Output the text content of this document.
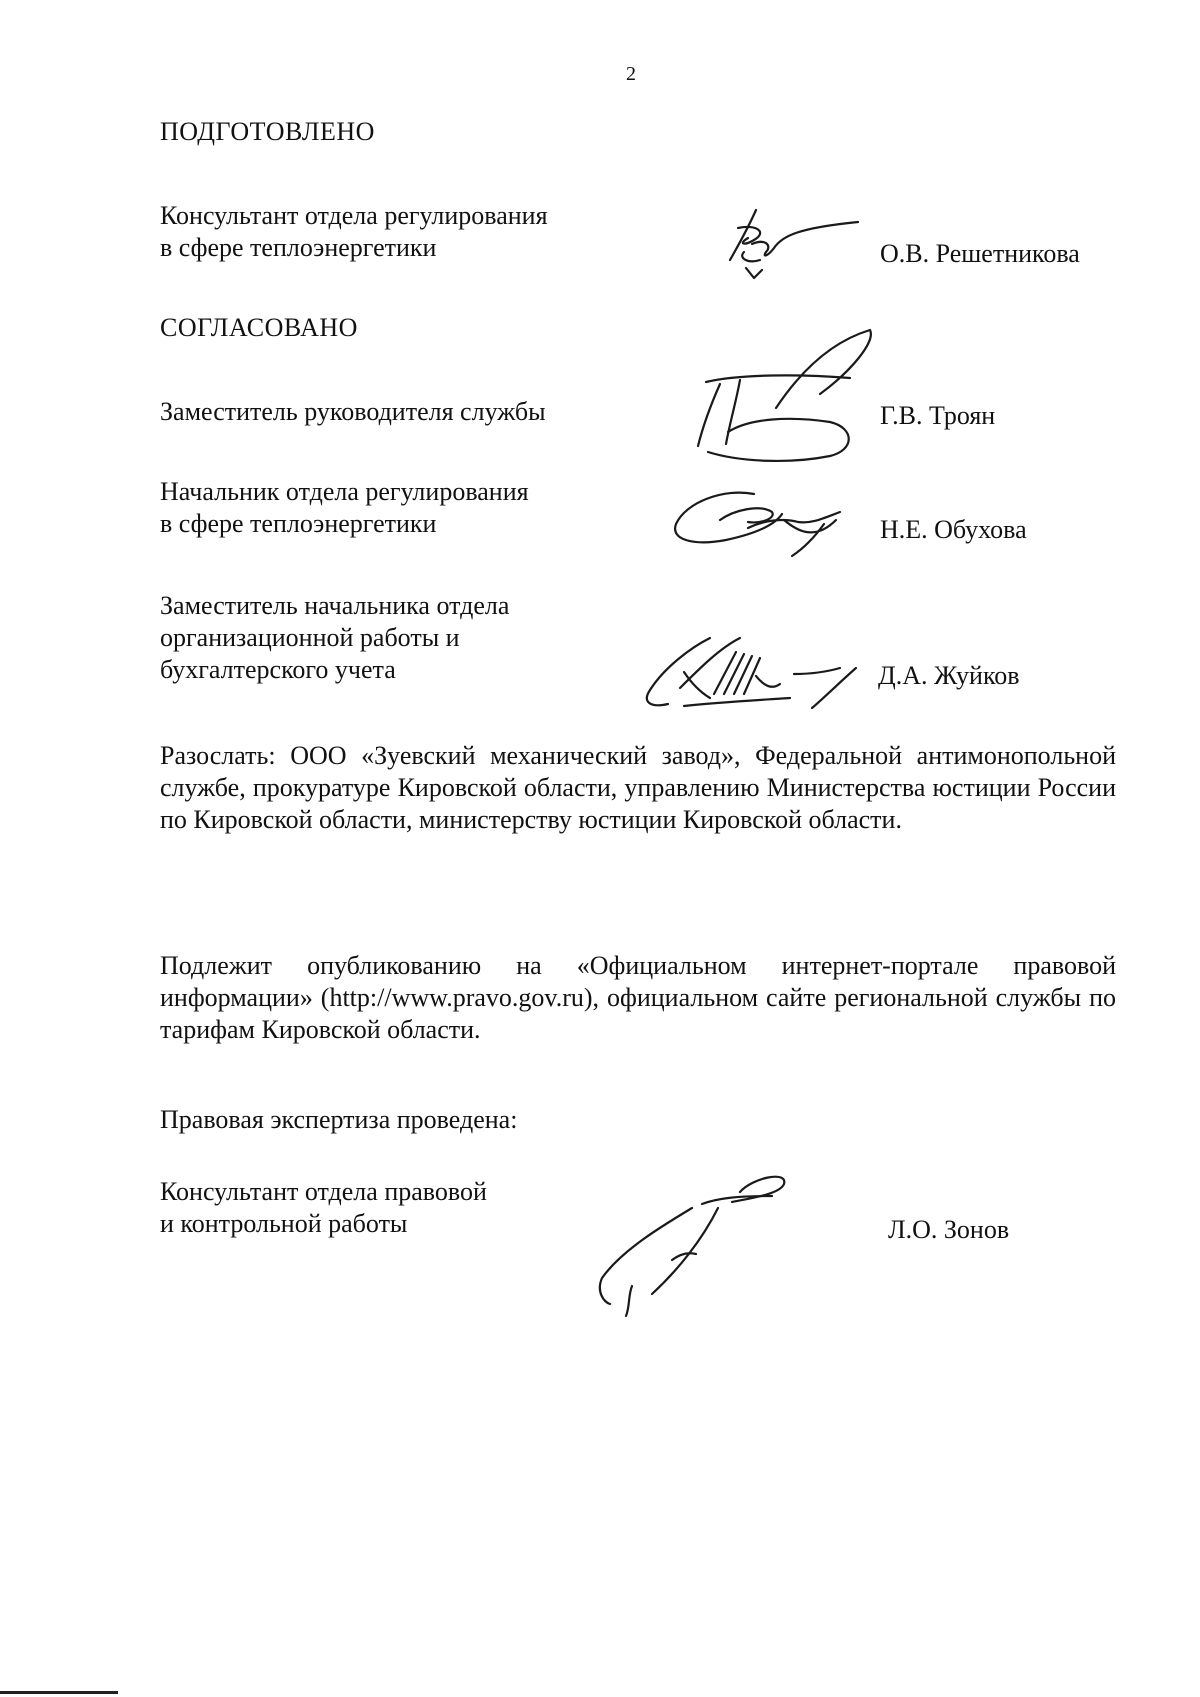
2
ПОДГОТОВЛЕНО
Консультант отдела регулирования
в сфере теплоэнергетики	О.В. Решетникова
СОГЛАСОВАНО
Заместитель руководителя службы	Г.В. Троян
Начальник отдела регулирования
в сфере теплоэнергетики	Н.Е. Обухова
Заместитель начальника отдела
организационной работы и
бухгалтерского учета	Д.А. Жуйков
Разослать: ООО «Зуевский механический завод», Федеральной антимонопольной службе, прокуратуре Кировской области, управлению Министерства юстиции России по Кировской области, министерству юстиции Кировской области.
Подлежит опубликованию на «Официальном интернет-портале правовой информации» (http://www.pravo.gov.ru), официальном сайте региональной службы по тарифам Кировской области.
Правовая экспертиза проведена:
Консультант отдела правовой
и контрольной работы	Л.О. Зонов
